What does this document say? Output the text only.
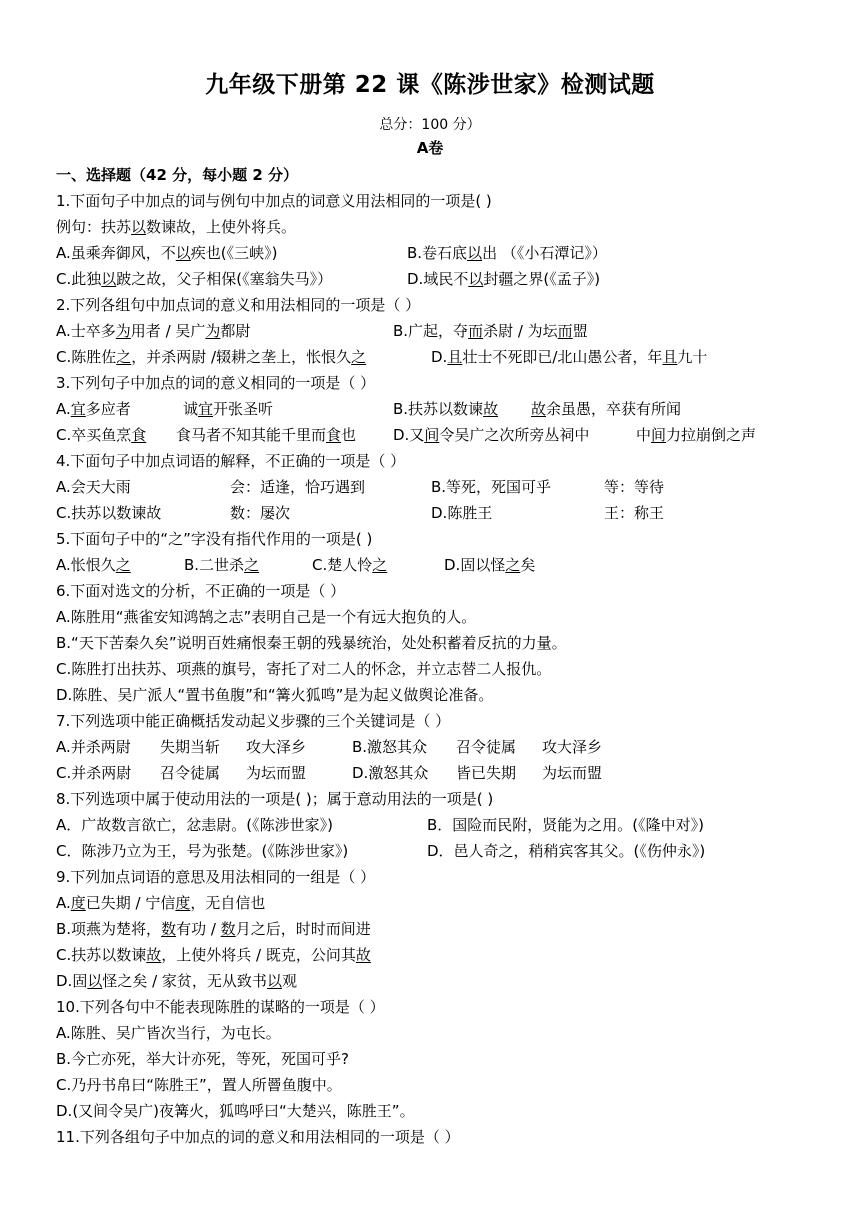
九年级下册第 22 课《陈涉世家》检测试题
总分：100 分）
A卷
一、选择题（42 分，每小题 2 分）
1.下面句子中加点的词与例句中加点的词意义用法相同的一项是( )
例句：扶苏以数谏故，上使外将兵。
A.虽乘奔御风，不以疾也(《三峡》)	B.卷石底以出 （《小石潭记》）
C.此独以跛之故，父子相保(《塞翁失马》）	D.域民不以封疆之界(《孟子》)
2.下列各组句中加点词的意义和用法相同的一项是（ ）
A.士卒多为用者 / 吴广为都尉	B.广起，夺而杀尉 / 为坛而盟
C.陈胜佐之，并杀两尉 /辍耕之垄上，怅恨久之	D.且壮士不死即已/北山愚公者，年且九十
3.下列句子中加点的词的意义相同的一项是（ ）
A.宜多应者	诚宜开张圣听	B.扶苏以数谏故 故余虽愚，卒获有所闻
C.卒买鱼烹食 食马者不知其能千里而食也 D.又间令吴广之次所旁丛祠中	中间力拉崩倒之声
4.下面句子中加点词语的解释，不正确的一项是（ ）
A.会天大雨	会：适逢，恰巧遇到	B.等死，死国可乎	等：等待
C.扶苏以数谏故	数：屡次	D.陈胜王	王：称王
5.下面句子中的“之”字没有指代作用的一项是( )
A.怅恨久之	B.二世杀之	C.楚人怜之	D.固以怪之矣
6.下面对选文的分析，不正确的一项是（ ）
A.陈胜用“燕雀安知鸿鹄之志”表明自己是一个有远大抱负的人。
B.“天下苦秦久矣”说明百姓痛恨秦王朝的残暴统治，处处积蓄着反抗的力量。
C.陈胜打出扶苏、项燕的旗号，寄托了对二人的怀念，并立志替二人报仇。
D.陈胜、吴广派人“置书鱼腹”和“篝火狐鸣”是为起义做舆论准备。
7.下列选项中能正确概括发动起义步骤的三个关键词是（ ）
A.并杀两尉 失期当斩 攻大泽乡	B.激怒其众 召令徒属 攻大泽乡
C.并杀两尉 召令徒属 为坛而盟	D.激怒其众 皆已失期 为坛而盟
8.下列选项中属于使动用法的一项是( )；属于意动用法的一项是( )
A．广故数言欲亡，忿恚尉。(《陈涉世家》)	B．国险而民附，贤能为之用。(《隆中对》)
C．陈涉乃立为王，号为张楚。(《陈涉世家》)	D．邑人奇之，稍稍宾客其父。(《伤仲永》)
9.下列加点词语的意思及用法相同的一组是（ ）
A.度已失期 / 宁信度，无自信也
B.项燕为楚将，数有功 / 数月之后，时时而间进
C.扶苏以数谏故，上使外将兵 / 既克，公问其故
D.固以怪之矣 / 家贫，无从致书以观
10.下列各句中不能表现陈胜的谋略的一项是（ ）
A.陈胜、吴广皆次当行，为屯长。
B.今亡亦死，举大计亦死，等死，死国可乎?
C.乃丹书帛曰“陈胜王”，置人所罾鱼腹中。
D.(又间令吴广)夜篝火，狐鸣呼曰“大楚兴，陈胜王”。
11.下列各组句子中加点的词的意义和用法相同的一项是（ ）
